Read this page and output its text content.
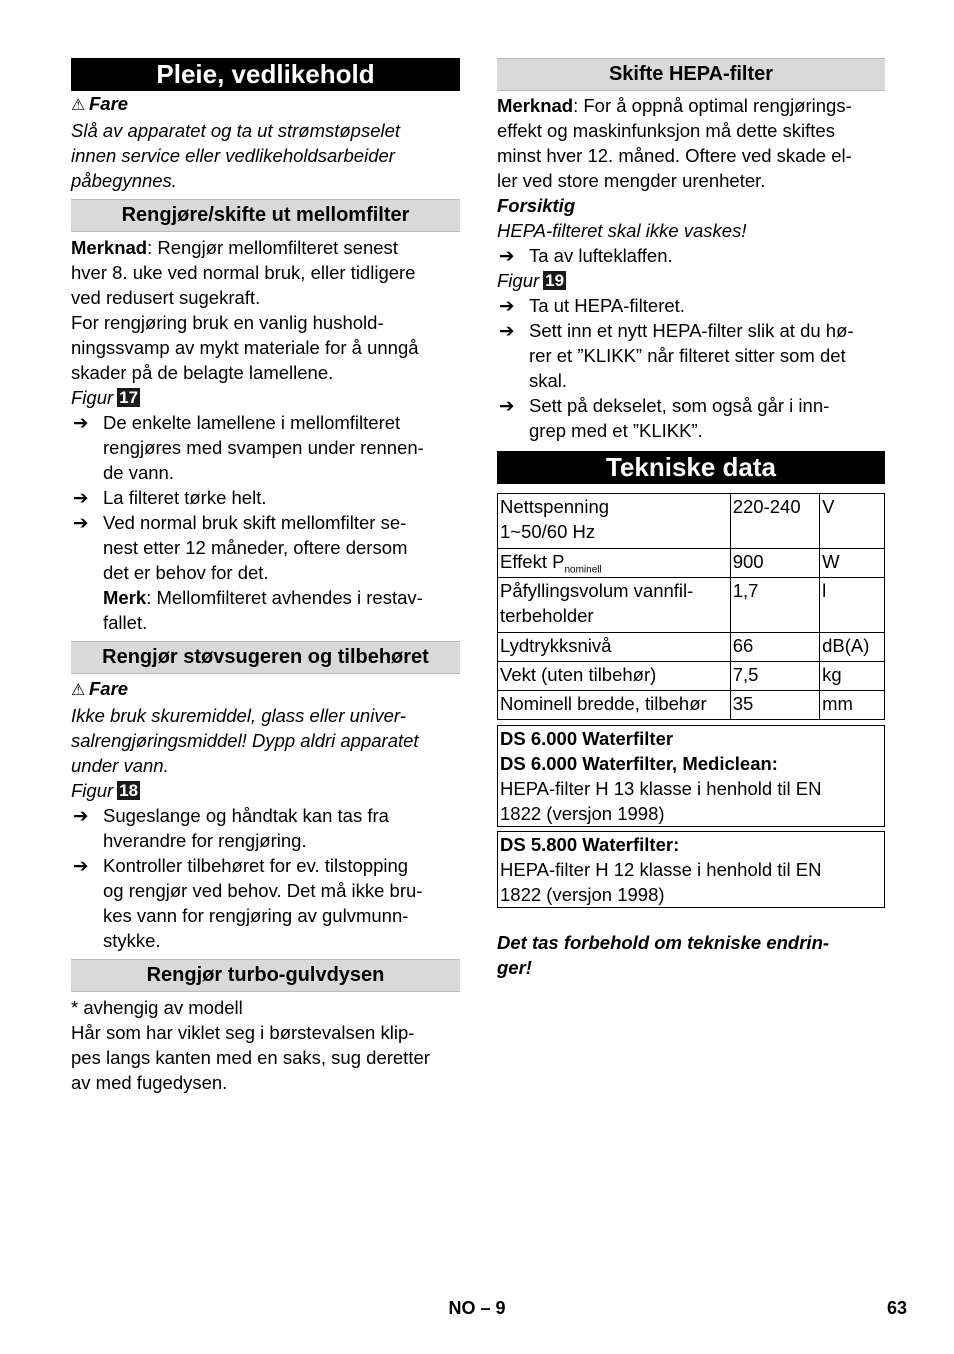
Pleie, vedlikehold
⚠ Fare

Slå av apparatet og ta ut strømstøpselet
innen service eller vedlikeholdsarbeider
påbegynnes.

Rengjøre/skifte ut mellomfilter

Merknad: Rengjør mellomfilteret senest
hver 8. uke ved normal bruk, eller tidligere
ved redusert sugekraft.

For rengjøring bruk en vanlig hushold-
ningssvamp av mykt materiale for å unngå
skader på de belagte lamellene.

Figur 17
➔ De enkelte lamellene i mellomfilteret
rengjøres med svampen under rennen-
de vann.
➔ La filteret tørke helt.
➔ Ved normal bruk skift mellomfilter se-
nest etter 12 måneder, oftere dersom
det er behov for det.
Merk: Mellomfilteret avhendes i restav-
fallet.
Rengjør støvsugeren og tilbehøret
⚠ Fare

Ikke bruk skuremiddel, glass eller univer-
salrengjøringsmiddel! Dypp aldri apparatet
under vann.

Figur 18
➔ Sugeslange og håndtak kan tas fra
hverandre for rengjøring.
➔ Kontroller tilbehøret for ev. tilstopping
og rengjør ved behov. Det må ikke bru-
kes vann for rengjøring av gulvmunn-
stykke.
Rengjør turbo-gulvdysen

* avhengig av modell
Hår som har viklet seg i børstevalsen klip-
pes langs kanten med en saks, sug deretter
av med fugedysen.

Skifte HEPA-filter

Merknad: For å oppnå optimal rengjørings-
effekt og maskinfunksjon må dette skiftes
minst hver 12. måned. Oftere ved skade el-
ler ved store mengder urenheter.

Forsiktig
HEPA-filteret skal ikke vaskes!
➔ Ta av lufteklaffen.
Figur 19
➔ Ta ut HEPA-filteret.
➔ Sett inn et nytt HEPA-filter slik at du hø-
rer et ”KLIKK” når filteret sitter som det
skal.
➔ Sett på dekselet, som også går i inn-
grep med et ”KLIKK”.
Tekniske data
Nettspenning
1~50/60 Hz	220-240	V
Effekt $P_{nominell}$	900	W
Påfyllingsvolum vannfil-
terbeholder	1,7	l
Lydtrykksnivå	66	dB(A)
Vekt (uten tilbehør)	7,5	kg
Nominell bredde, tilbehør	35	mm
DS 6.000 Waterfilter
DS 6.000 Waterfilter, Mediclean:
HEPA-filter H 13 klasse i henhold til EN
1822 (versjon 1998)
DS 5.800 Waterfilter:
HEPA-filter H 12 klasse i henhold til EN
1822 (versjon 1998)

Det tas forbehold om tekniske endrin-
ger!

NO – 9	63
